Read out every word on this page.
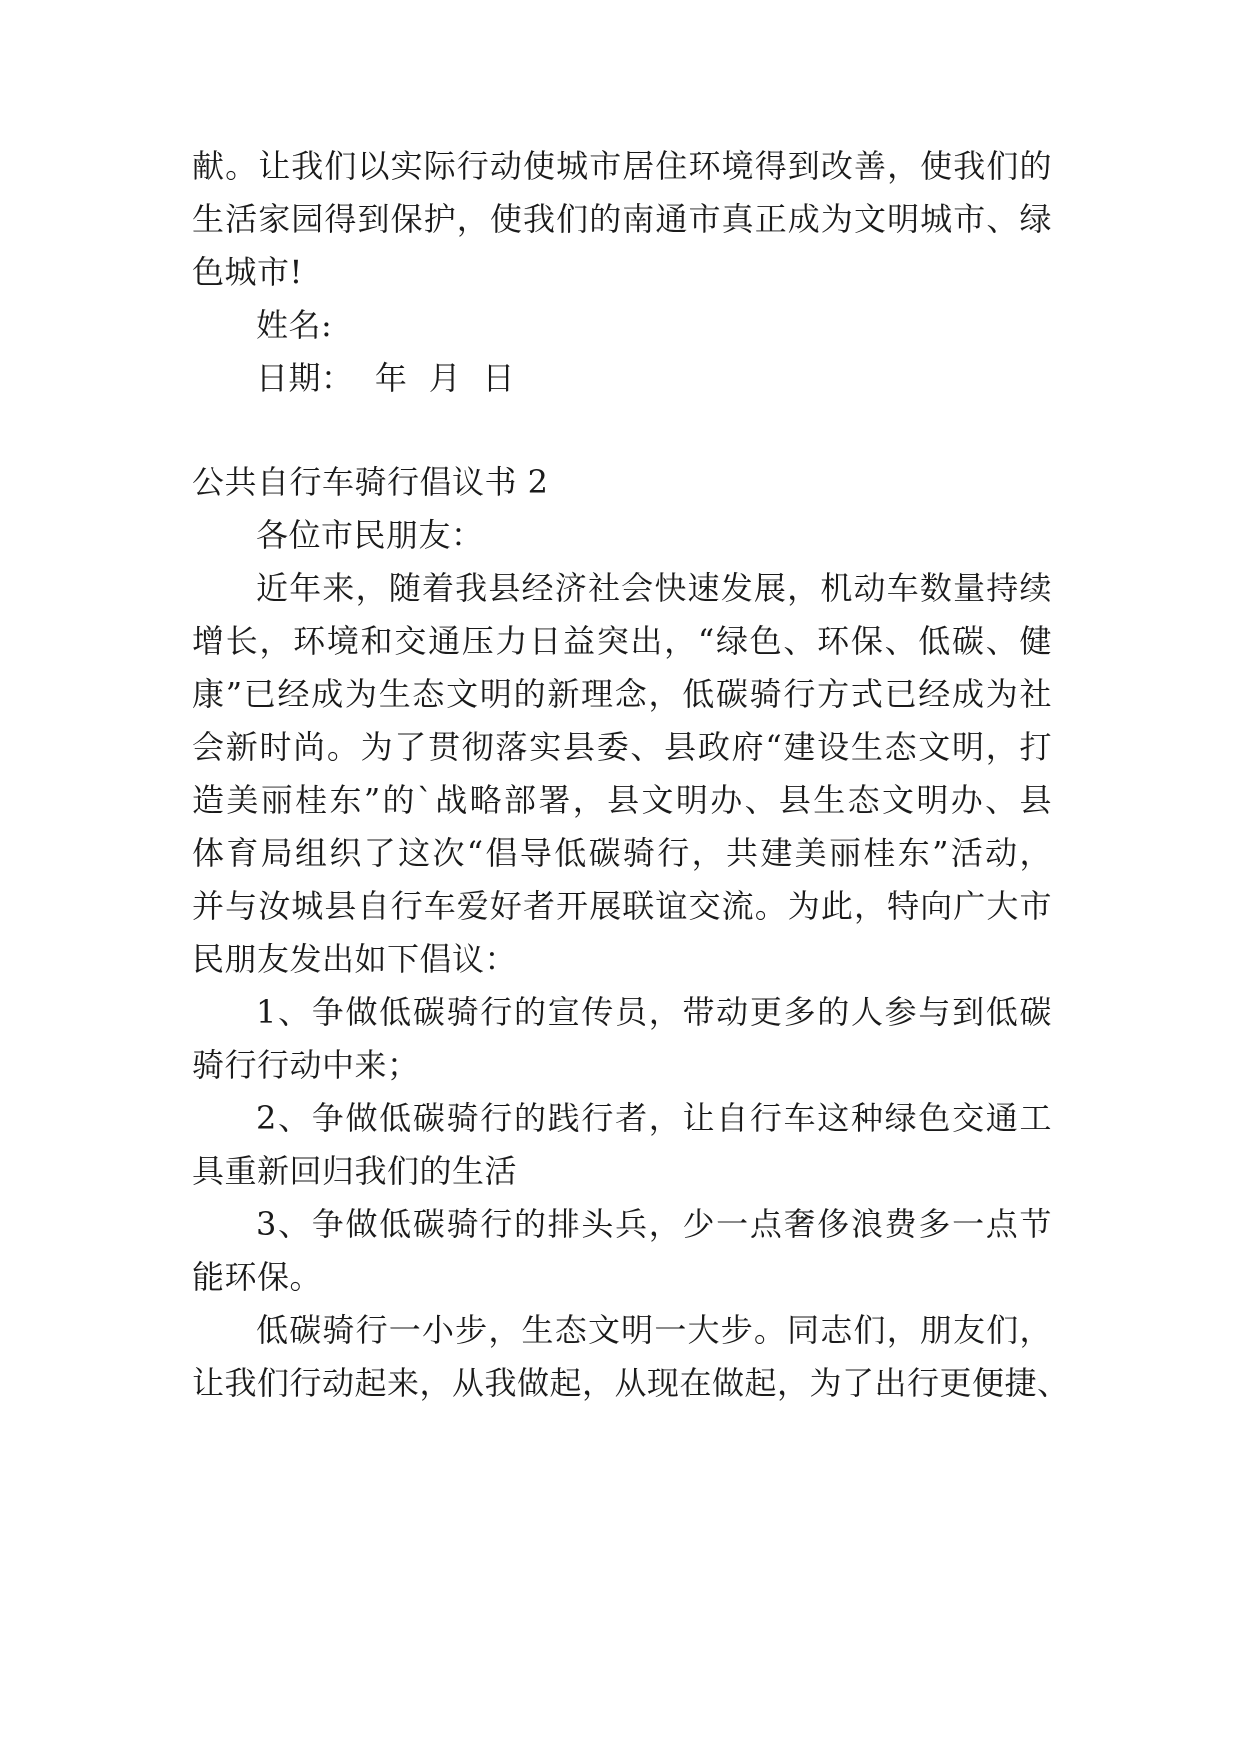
献。让我们以实际行动使城市居住环境得到改善，使我们的
生活家园得到保护，使我们的南通市真正成为文明城市、绿
色城市!
姓名:
日期：  年  月  日
公共自行车骑行倡议书 2
各位市民朋友：
近年来，随着我县经济社会快速发展，机动车数量持续
增长，环境和交通压力日益突出，“绿色、环保、低碳、健
康”已经成为生态文明的新理念，低碳骑行方式已经成为社
会新时尚。为了贯彻落实县委、县政府“建设生态文明，打
造美丽桂东”的`战略部署，县文明办、县生态文明办、县
体育局组织了这次“倡导低碳骑行，共建美丽桂东”活动，
并与汝城县自行车爱好者开展联谊交流。为此，特向广大市
民朋友发出如下倡议：
1、争做低碳骑行的宣传员，带动更多的人参与到低碳
骑行行动中来；
2、争做低碳骑行的践行者，让自行车这种绿色交通工
具重新回归我们的生活
3、争做低碳骑行的排头兵，少一点奢侈浪费多一点节
能环保。
低碳骑行一小步，生态文明一大步。同志们，朋友们，
让我们行动起来，从我做起，从现在做起，为了出行更便捷、
